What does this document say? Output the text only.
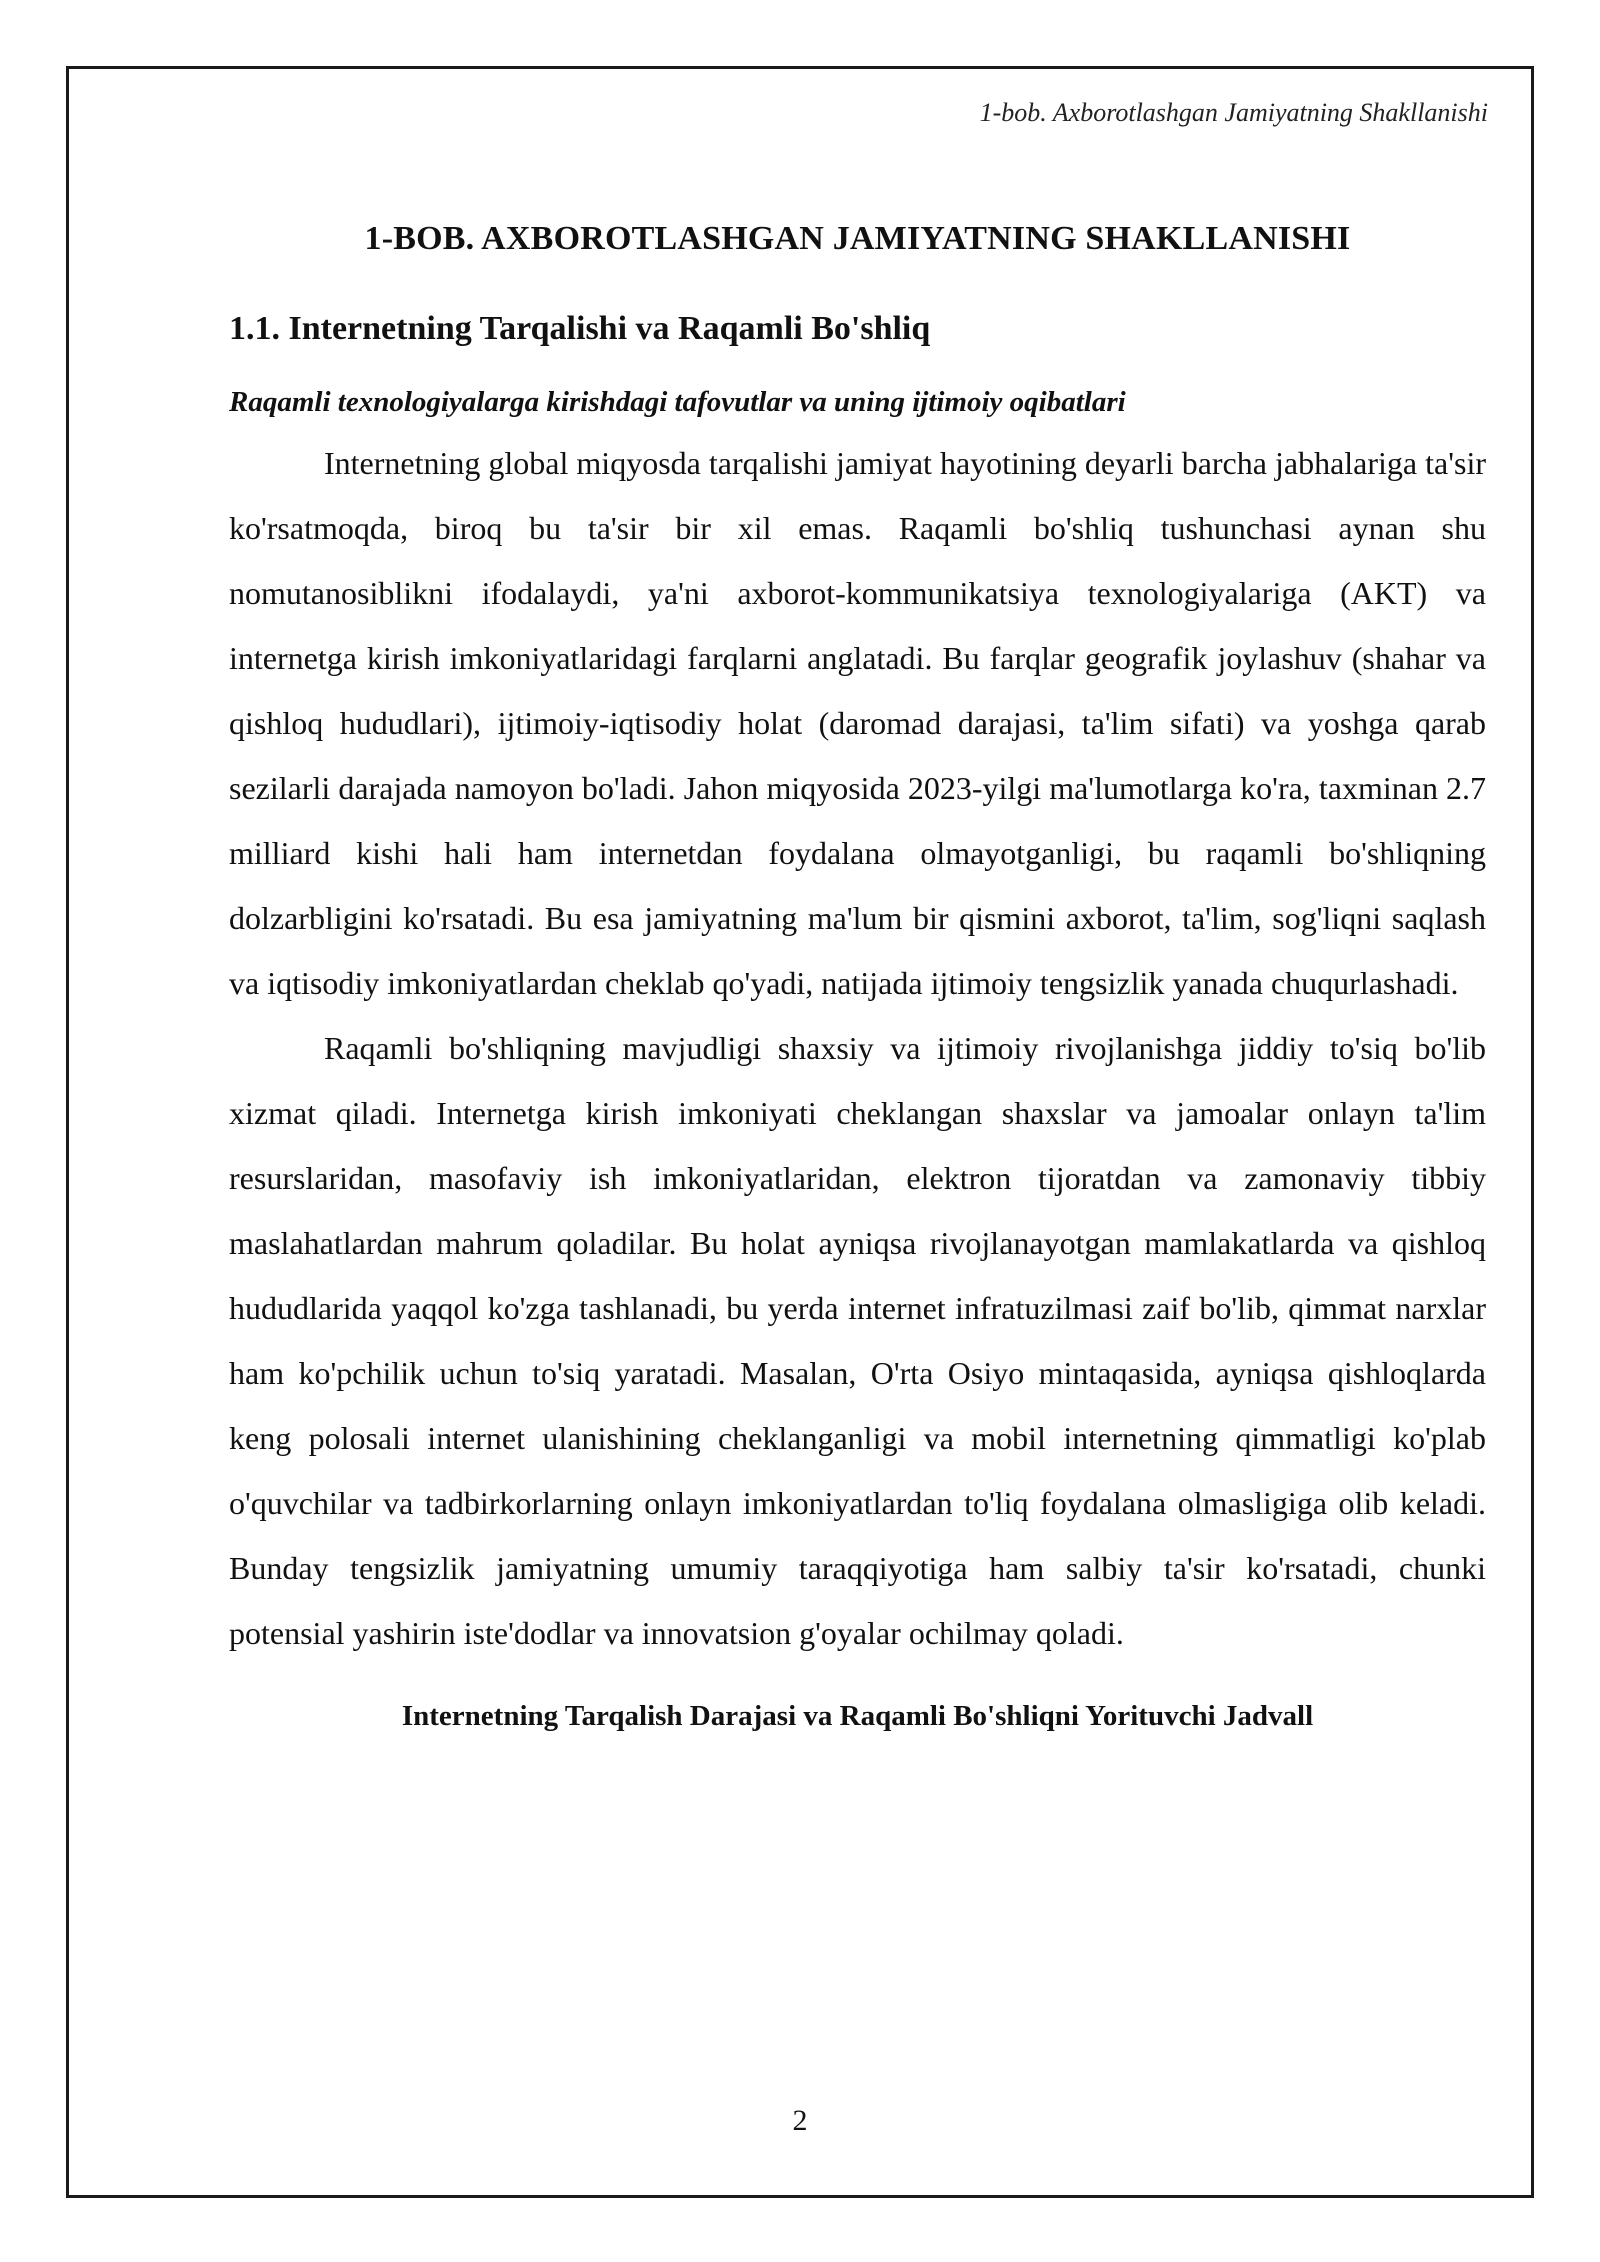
1-bob. Axborotlashgan Jamiyatning Shakllanishi
1-BOB. AXBOROTLASHGAN JAMIYATNING SHAKLLANISHI
1.1. Internetning Tarqalishi va Raqamli Bo'shliq
Raqamli texnologiyalarga kirishdagi tafovutlar va uning ijtimoiy oqibatlari

Internetning global miqyosda tarqalishi jamiyat hayotining deyarli barcha jabhalariga ta'sir ko'rsatmoqda, biroq bu ta'sir bir xil emas. Raqamli bo'shliq tushunchasi aynan shu nomutanosiblikni ifodalaydi, ya'ni axborot-kommunikatsiya texnologiyalariga (AKT) va internetga kirish imkoniyatlaridagi farqlarni anglatadi. Bu farqlar geografik joylashuv (shahar va qishloq hududlari), ijtimoiy-iqtisodiy holat (daromad darajasi, ta'lim sifati) va yoshga qarab sezilarli darajada namoyon bo'ladi. Jahon miqyosida 2023-yilgi ma'lumotlarga ko'ra, taxminan 2.7 milliard kishi hali ham internetdan foydalana olmayotganligi, bu raqamli bo'shliqning dolzarbligini ko'rsatadi. Bu esa jamiyatning ma'lum bir qismini axborot, ta'lim, sog'liqni saqlash va iqtisodiy imkoniyatlardan cheklab qo'yadi, natijada ijtimoiy tengsizlik yanada chuqurlashadi.

Raqamli bo'shliqning mavjudligi shaxsiy va ijtimoiy rivojlanishga jiddiy to'siq bo'lib xizmat qiladi. Internetga kirish imkoniyati cheklangan shaxslar va jamoalar onlayn ta'lim resurslaridan, masofaviy ish imkoniyatlaridan, elektron tijoratdan va zamonaviy tibbiy maslahatlardan mahrum qoladilar. Bu holat ayniqsa rivojlanayotgan mamlakatlarda va qishloq hududlarida yaqqol ko'zga tashlanadi, bu yerda internet infratuzilmasi zaif bo'lib, qimmat narxlar ham ko'pchilik uchun to'siq yaratadi. Masalan, O'rta Osiyo mintaqasida, ayniqsa qishloqlarda keng polosali internet ulanishining cheklanganligi va mobil internetning qimmatligi ko'plab o'quvchilar va tadbirkorlarning onlayn imkoniyatlardan to'liq foydalana olmasligiga olib keladi. Bunday tengsizlik jamiyatning umumiy taraqqiyotiga ham salbiy ta'sir ko'rsatadi, chunki potensial yashirin iste'dodlar va innovatsion g'oyalar ochilmay qoladi.

Internetning Tarqalish Darajasi va Raqamli Bo'shliqni Yorituvchi Jadvall
2
